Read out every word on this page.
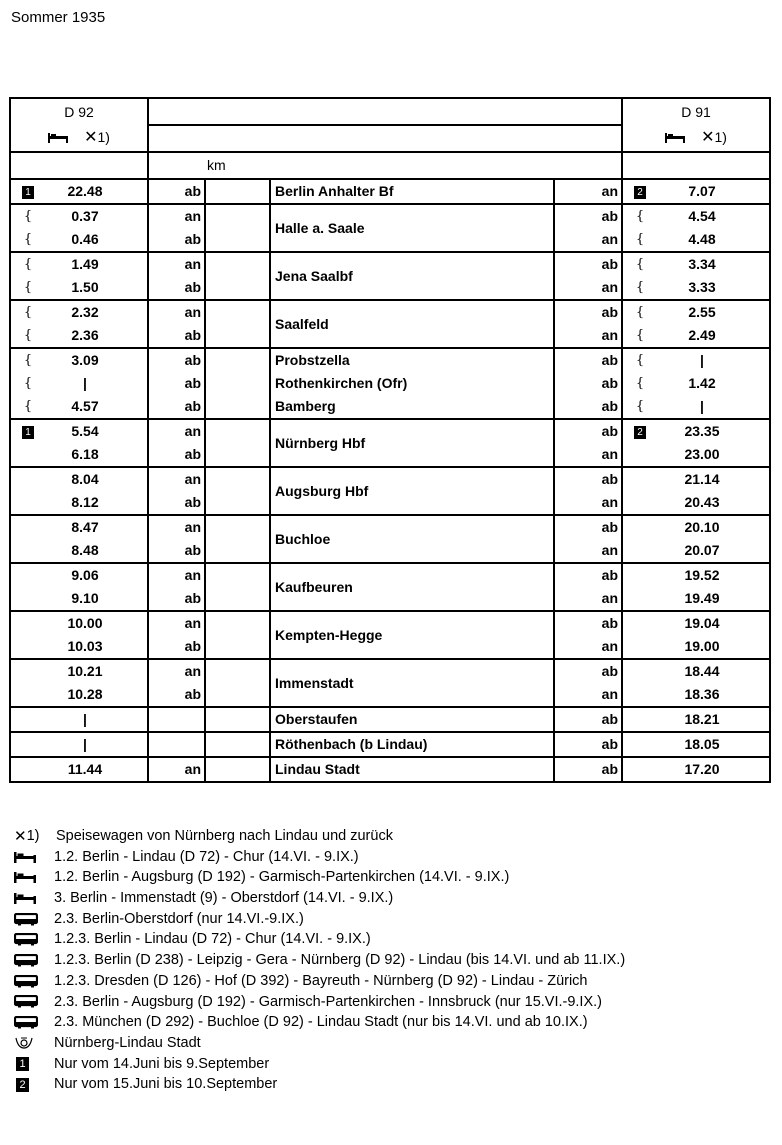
Sommer 1935
D 92					D 91

✕ 1)					✕ 1)

	km				

1 22.48	ab		Berlin Anhalter Bf	an	2 7.07

{ 0.37	an		Halle a. Saale	ab	{ 4.54

{ 0.46	ab			an	{ 4.48

{ 1.49	an		Jena Saalbf	ab	{ 3.34

{ 1.50	ab			an	{ 3.33

{ 2.32	an		Saalfeld	ab	{ 2.55

{ 2.36	ab			an	{ 2.49

{ 3.09	ab		Probstzella	ab	{ |

{ |	ab		Rothenkirchen (Ofr)	ab	{ 1.42

{ 4.57	ab		Bamberg	ab	{ |

1 5.54	an		Nürnberg Hbf	ab	2 23.35

6.18	ab			an	23.00

8.04	an		Augsburg Hbf	ab	21.14

8.12	ab			an	20.43

8.47	an		Buchloe	ab	20.10

8.48	ab			an	20.07

9.06	an		Kaufbeuren	ab	19.52

9.10	ab			an	19.49

10.00	an		Kempten-Hegge	ab	19.04

10.03	ab			an	19.00

10.21	an		Immenstadt	ab	18.44

10.28	ab			an	18.36

|			Oberstaufen	ab	18.21

|			Röthenbach (b Lindau)	ab	18.05

11.44	an		Lindau Stadt	ab	17.20
✕ 1) Speisewagen von Nürnberg nach Lindau und zurück
1.2. Berlin - Lindau (D 72) - Chur (14.VI. - 9.IX.)
1.2. Berlin - Augsburg (D 192) - Garmisch-Partenkirchen (14.VI. - 9.IX.)
3. Berlin - Immenstadt (9) - Oberstdorf (14.VI. - 9.IX.)
2.3. Berlin-Oberstdorf (nur 14.VI.-9.IX.)
1.2.3. Berlin - Lindau (D 72) - Chur (14.VI. - 9.IX.)
1.2.3. Berlin (D 238) - Leipzig - Gera - Nürnberg (D 92) - Lindau (bis 14.VI. und ab 11.IX.)
1.2.3. Dresden (D 126) - Hof (D 392) - Bayreuth - Nürnberg (D 92) - Lindau - Zürich
2.3. Berlin - Augsburg (D 192) - Garmisch-Partenkirchen - Innsbruck (nur 15.VI.-9.IX.)
2.3. München (D 292) - Buchloe (D 92) - Lindau Stadt (nur bis 14.VI. und ab 10.IX.)
Nürnberg-Lindau Stadt
1 Nur vom 14.Juni bis 9.September
2 Nur vom 15.Juni bis 10.September
